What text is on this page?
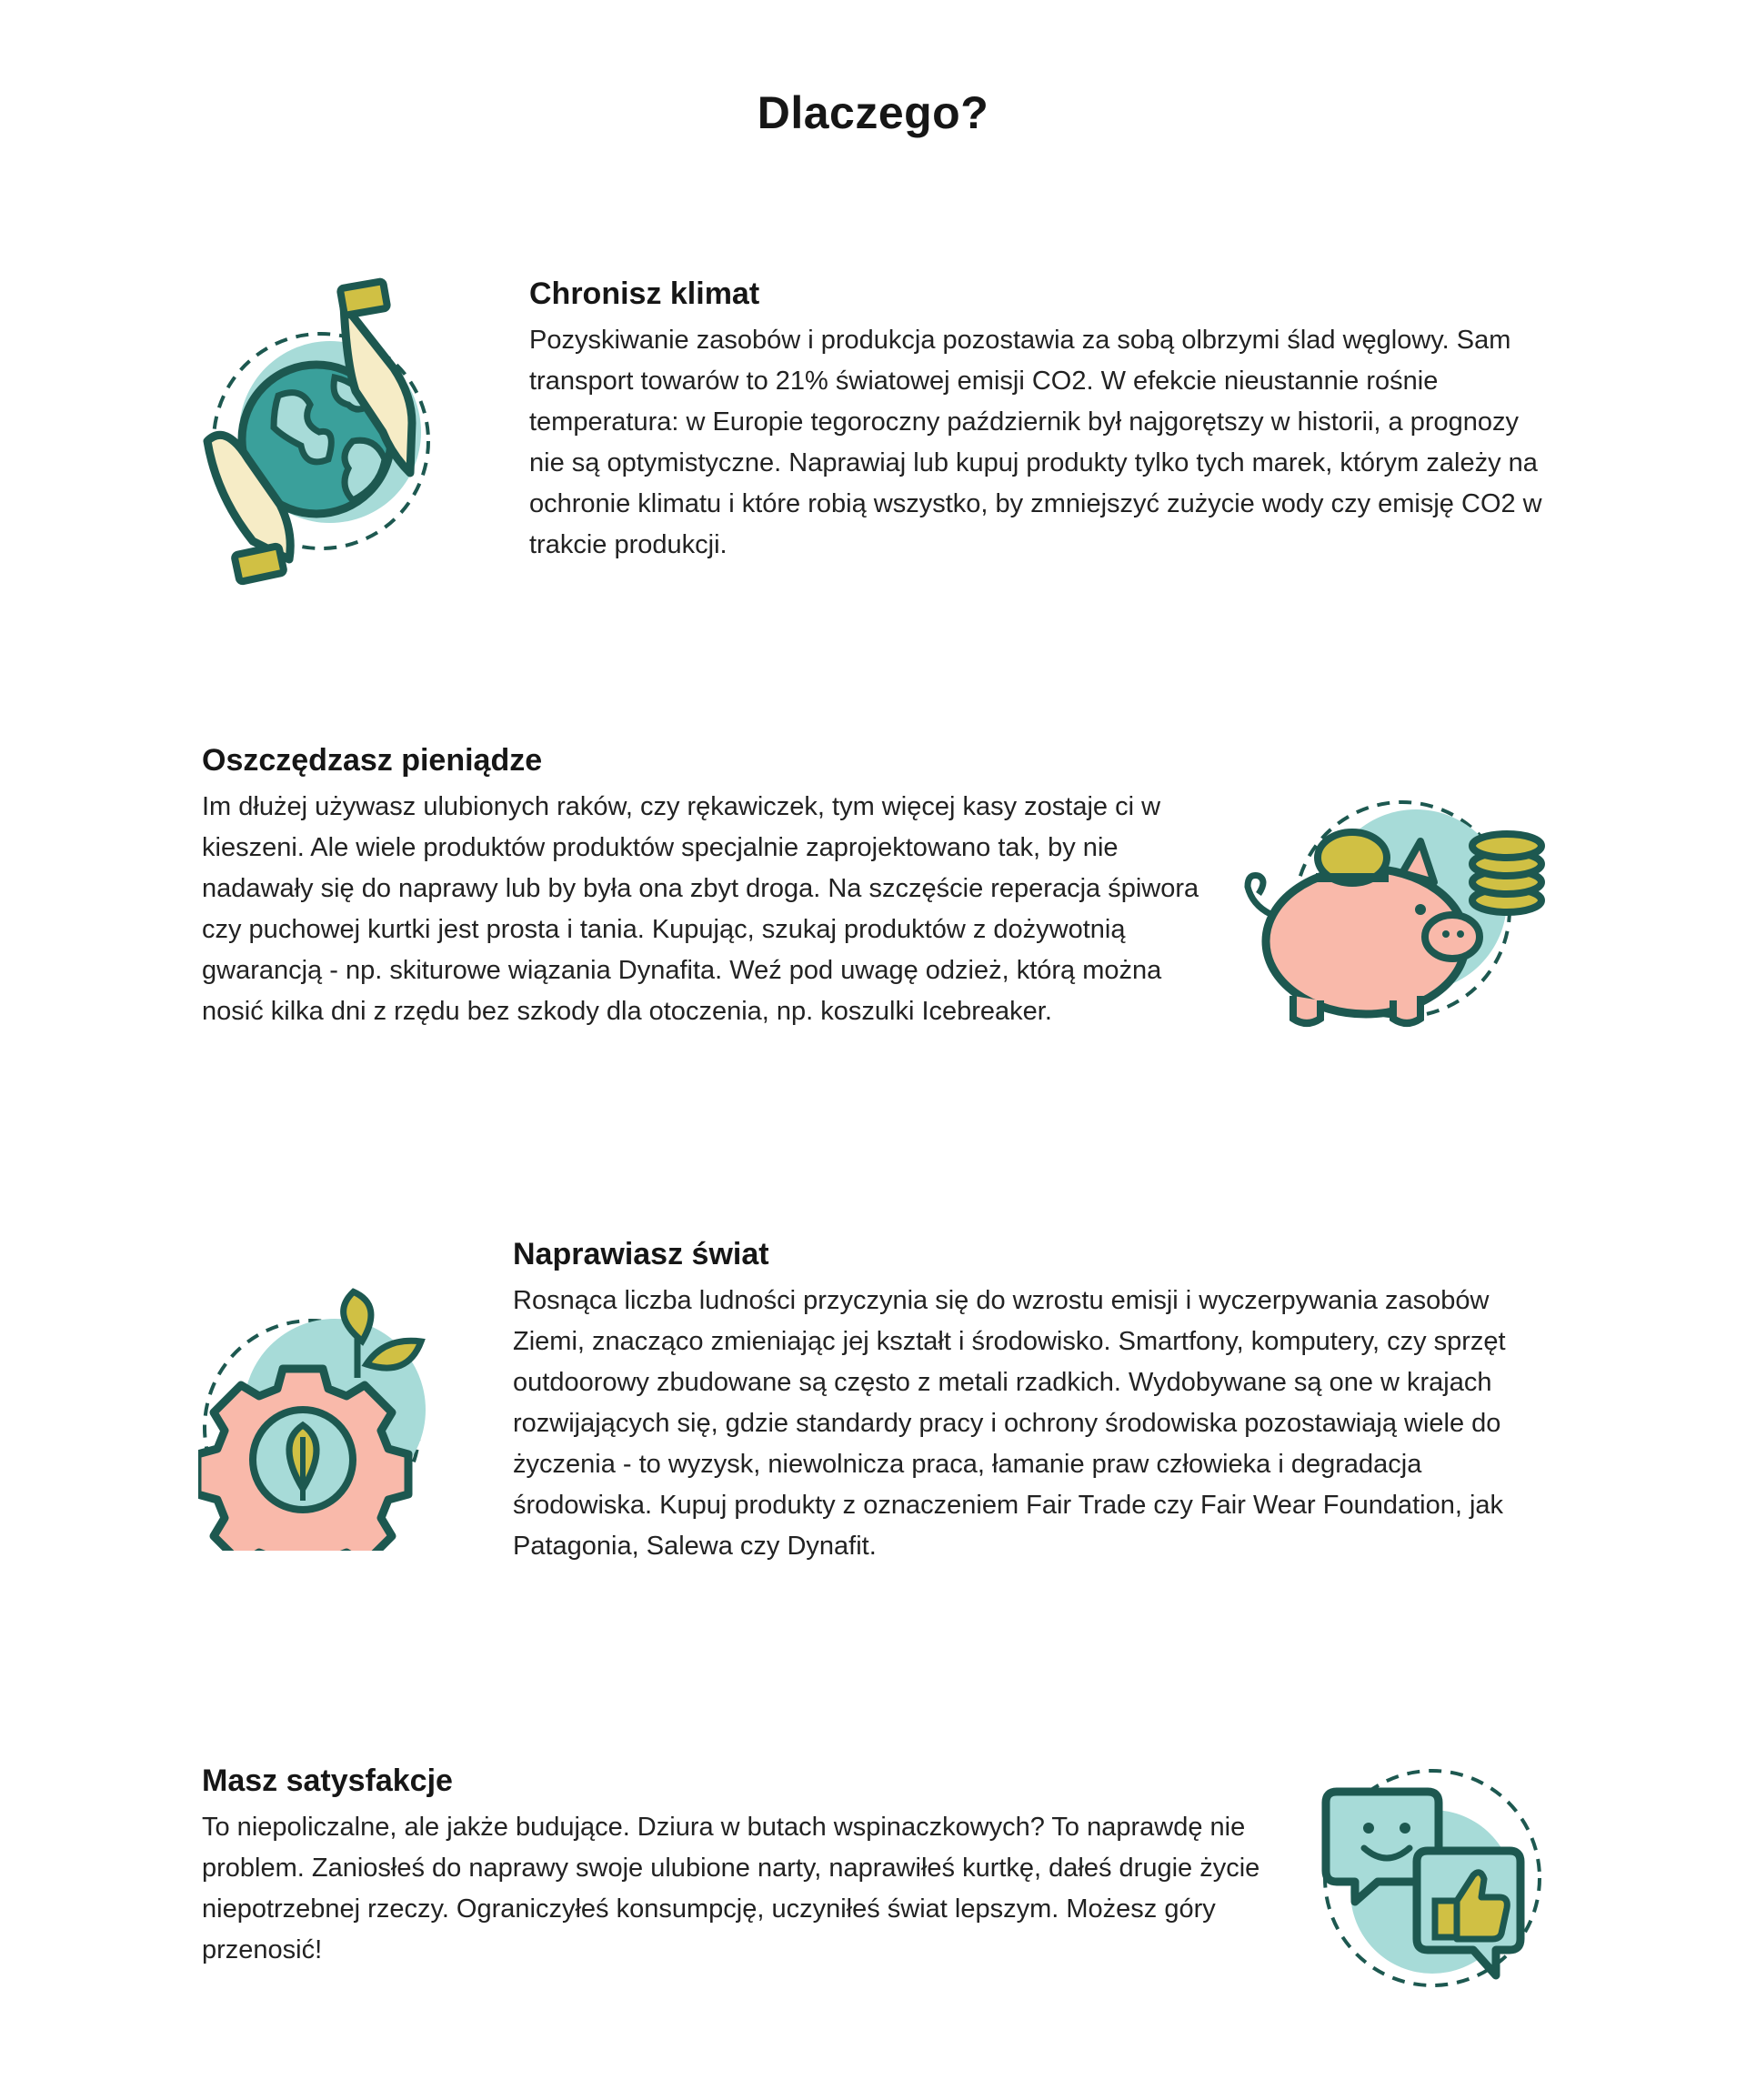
Dlaczego?
Chronisz klimat

Pozyskiwanie zasobów i produkcja pozostawia za sobą olbrzymi ślad węglowy. Sam transport towarów to 21% światowej emisji CO2. W efekcie nieustannie rośnie temperatura: w Europie tegoroczny październik był najgorętszy w historii, a prognozy nie są optymistyczne. Naprawiaj lub kupuj produkty tylko tych marek, którym zależy na ochronie klimatu i które robią wszystko, by zmniejszyć zużycie wody czy emisję CO2 w trakcie produkcji.

Oszczędzasz pieniądze

Im dłużej używasz ulubionych raków, czy rękawiczek, tym więcej kasy zostaje ci w kieszeni. Ale wiele produktów produktów specjalnie zaprojektowano tak, by nie nadawały się do naprawy lub by była ona zbyt droga. Na szczęście reperacja śpiwora czy puchowej kurtki jest prosta i tania. Kupując, szukaj produktów z dożywotnią gwarancją - np. skiturowe wiązania Dynafita. Weź pod uwagę odzież, którą można nosić kilka dni z rzędu bez szkody dla otoczenia, np. koszulki Icebreaker.

Naprawiasz świat

Rosnąca liczba ludności przyczynia się do wzrostu emisji i wyczerpywania zasobów Ziemi, znacząco zmieniając jej kształt i środowisko. Smartfony, komputery, czy sprzęt outdoorowy zbudowane są często z metali rzadkich. Wydobywane są one w krajach rozwijających się, gdzie standardy pracy i ochrony środowiska pozostawiają wiele do życzenia - to wyzysk, niewolnicza praca, łamanie praw człowieka i degradacja środowiska. Kupuj produkty z oznaczeniem Fair Trade czy Fair Wear Foundation, jak Patagonia, Salewa czy Dynafit.

Masz satysfakcje

To niepoliczalne, ale jakże budujące. Dziura w butach wspinaczkowych? To naprawdę nie problem. Zaniosłeś do naprawy swoje ulubione narty, naprawiłeś kurtkę, dałeś drugie życie niepotrzebnej rzeczy. Ograniczyłeś konsumpcję, uczyniłeś świat lepszym. Możesz góry przenosić!
